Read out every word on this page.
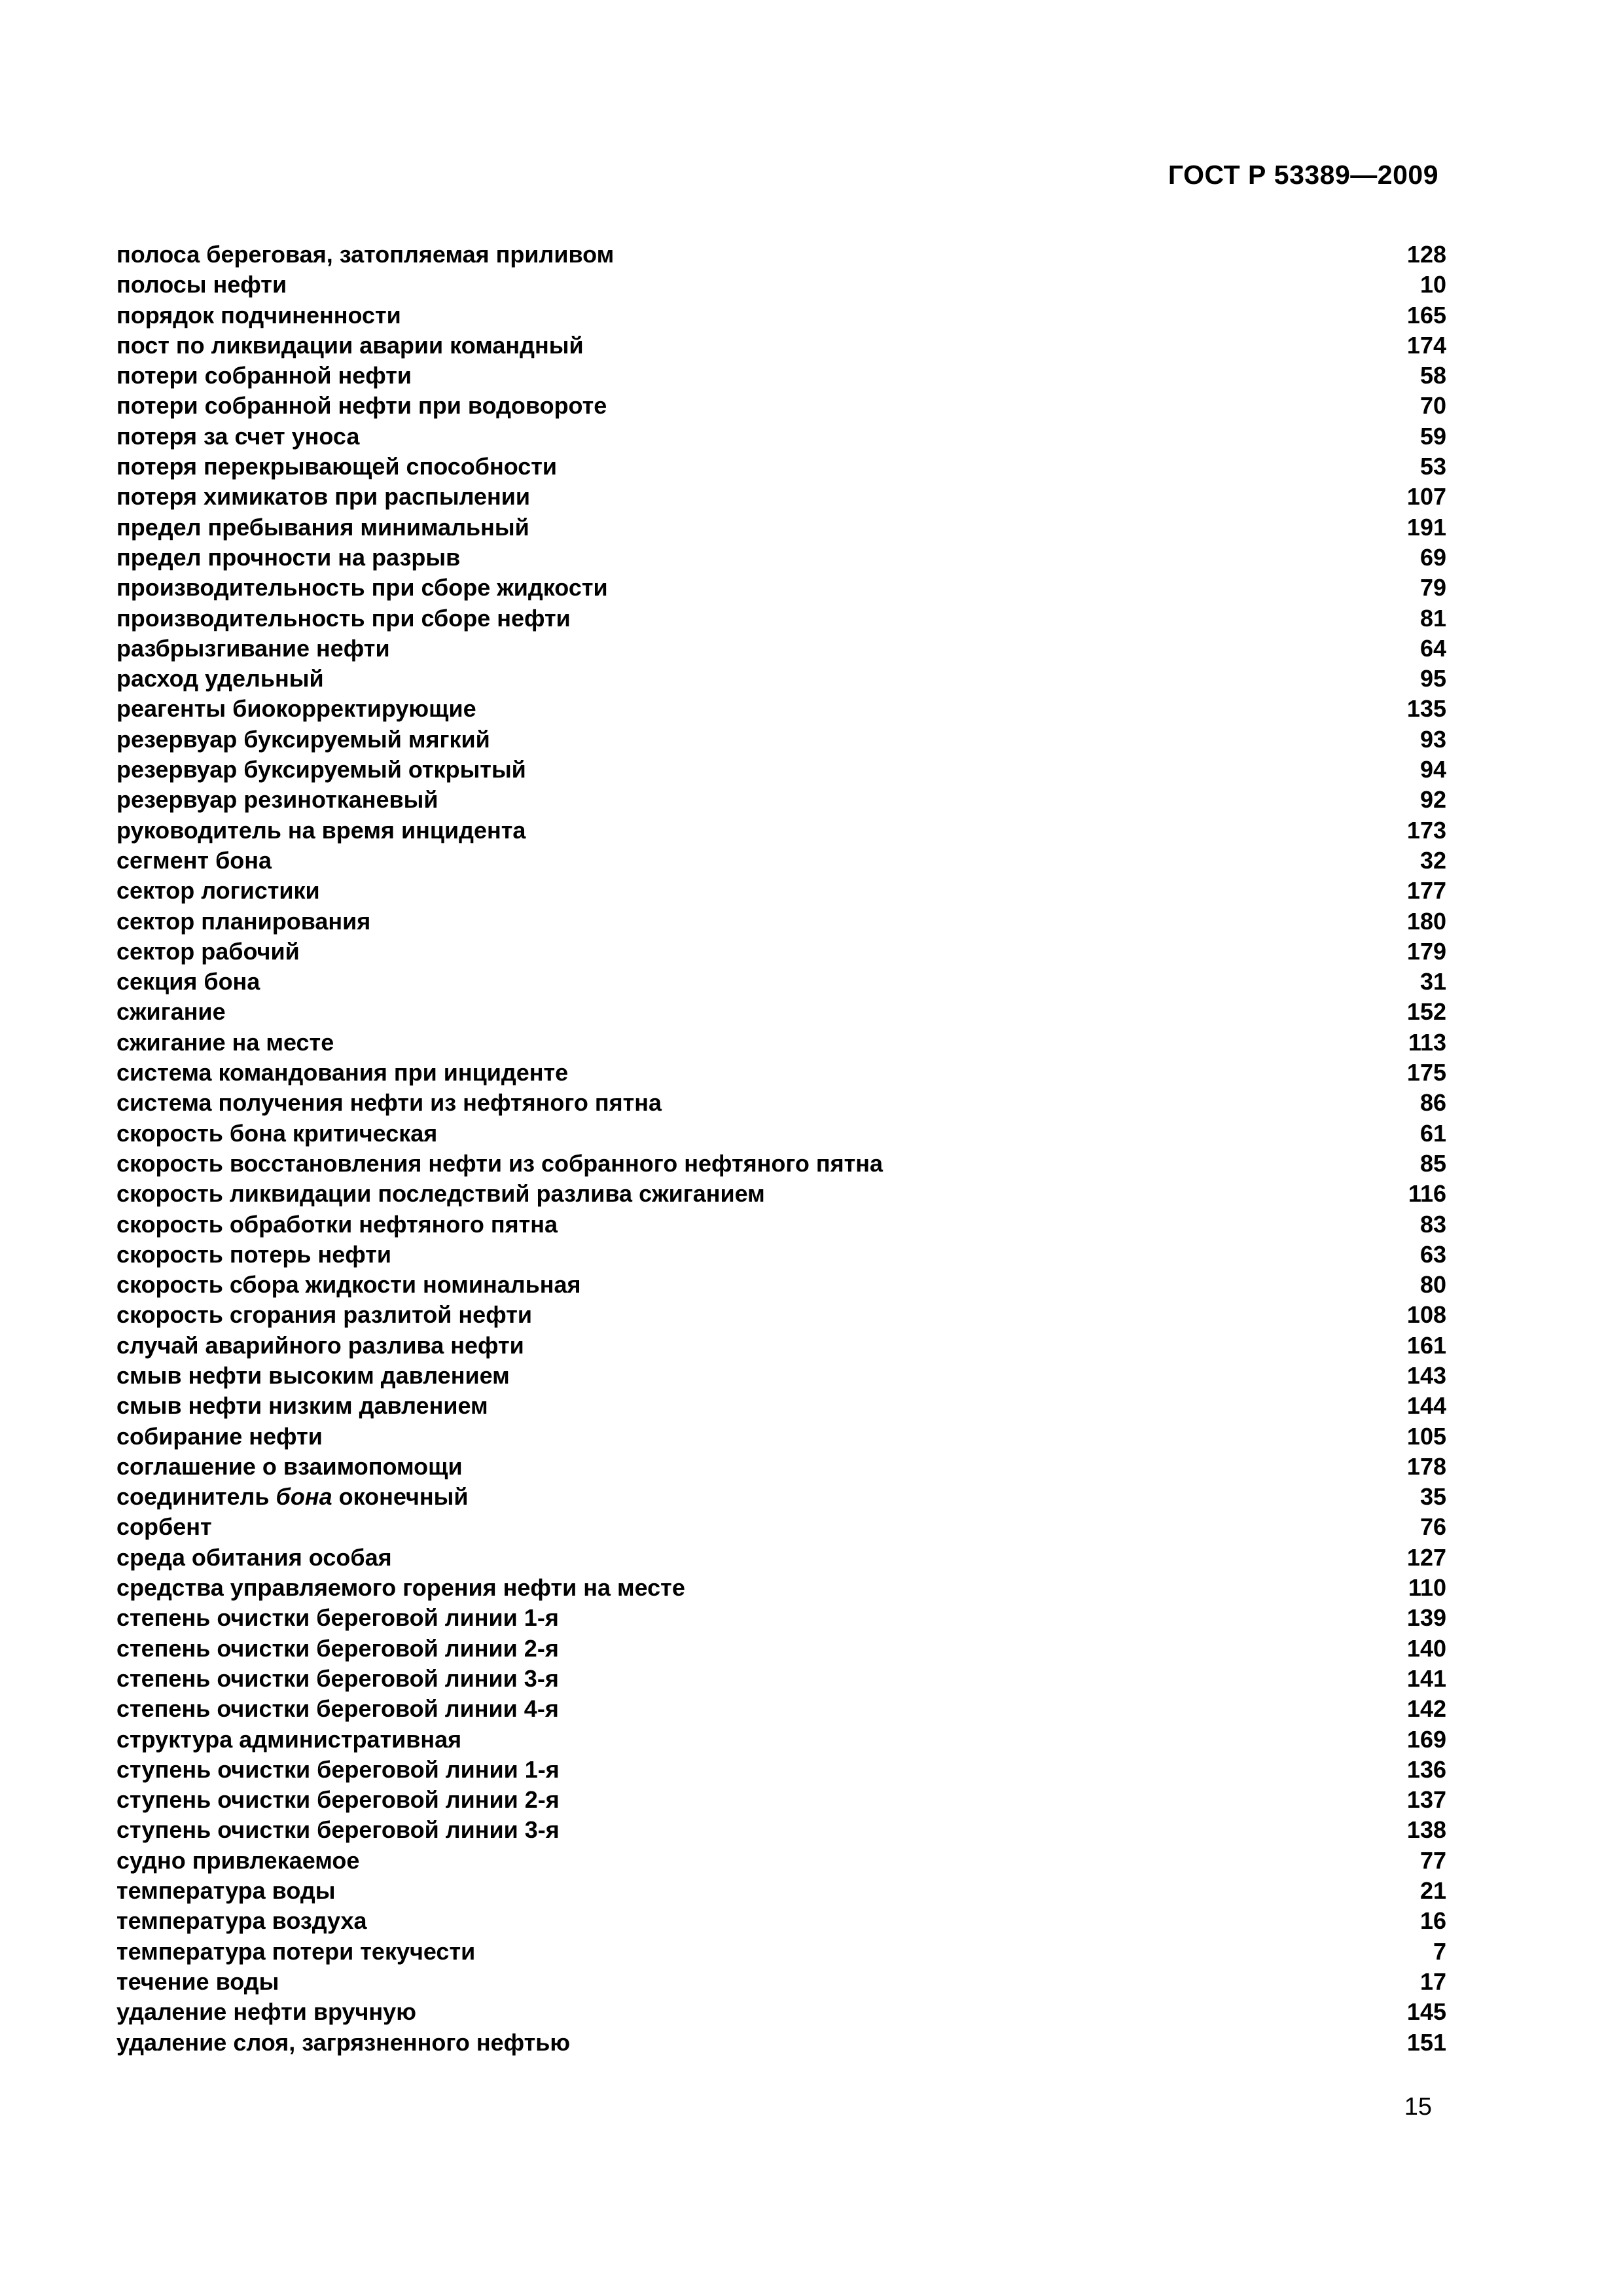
ГОСТ Р 53389—2009
полоса береговая, затопляемая приливом	128
полосы нефти	10
порядок подчиненности	165
пост по ликвидации аварии командный	174
потери собранной нефти	58
потери собранной нефти при водовороте	70
потеря за счет уноса	59
потеря перекрывающей способности	53
потеря химикатов при распылении	107
предел пребывания минимальный	191
предел прочности на разрыв	69
производительность при сборе жидкости	79
производительность при сборе нефти	81
разбрызгивание нефти	64
расход удельный	95
реагенты биокорректирующие	135
резервуар буксируемый мягкий	93
резервуар буксируемый открытый	94
резервуар резинотканевый	92
руководитель на время инцидента	173
сегмент бона	32
сектор логистики	177
сектор планирования	180
сектор рабочий	179
секция бона	31
сжигание	152
сжигание на месте	113
система командования при инциденте	175
система получения нефти из нефтяного пятна	86
скорость бона критическая	61
скорость восстановления нефти из собранного нефтяного пятна	85
скорость ликвидации последствий разлива сжиганием	116
скорость обработки нефтяного пятна	83
скорость потерь нефти	63
скорость сбора жидкости номинальная	80
скорость сгорания разлитой нефти	108
случай аварийного разлива нефти	161
смыв нефти высоким давлением	143
смыв нефти низким давлением	144
собирание нефти	105
соглашение о взаимопомощи	178
соединитель бона оконечный	35
сорбент	76
среда обитания особая	127
средства управляемого горения нефти на месте	110
степень очистки береговой линии 1-я	139
степень очистки береговой линии 2-я	140
степень очистки береговой линии 3-я	141
степень очистки береговой линии 4-я	142
структура административная	169
ступень очистки береговой линии 1-я	136
ступень очистки береговой линии 2-я	137
ступень очистки береговой линии 3-я	138
судно привлекаемое	77
температура воды	21
температура воздуха	16
температура потери текучести	7
течение воды	17
удаление нефти вручную	145
удаление слоя, загрязненного нефтью	151
15
